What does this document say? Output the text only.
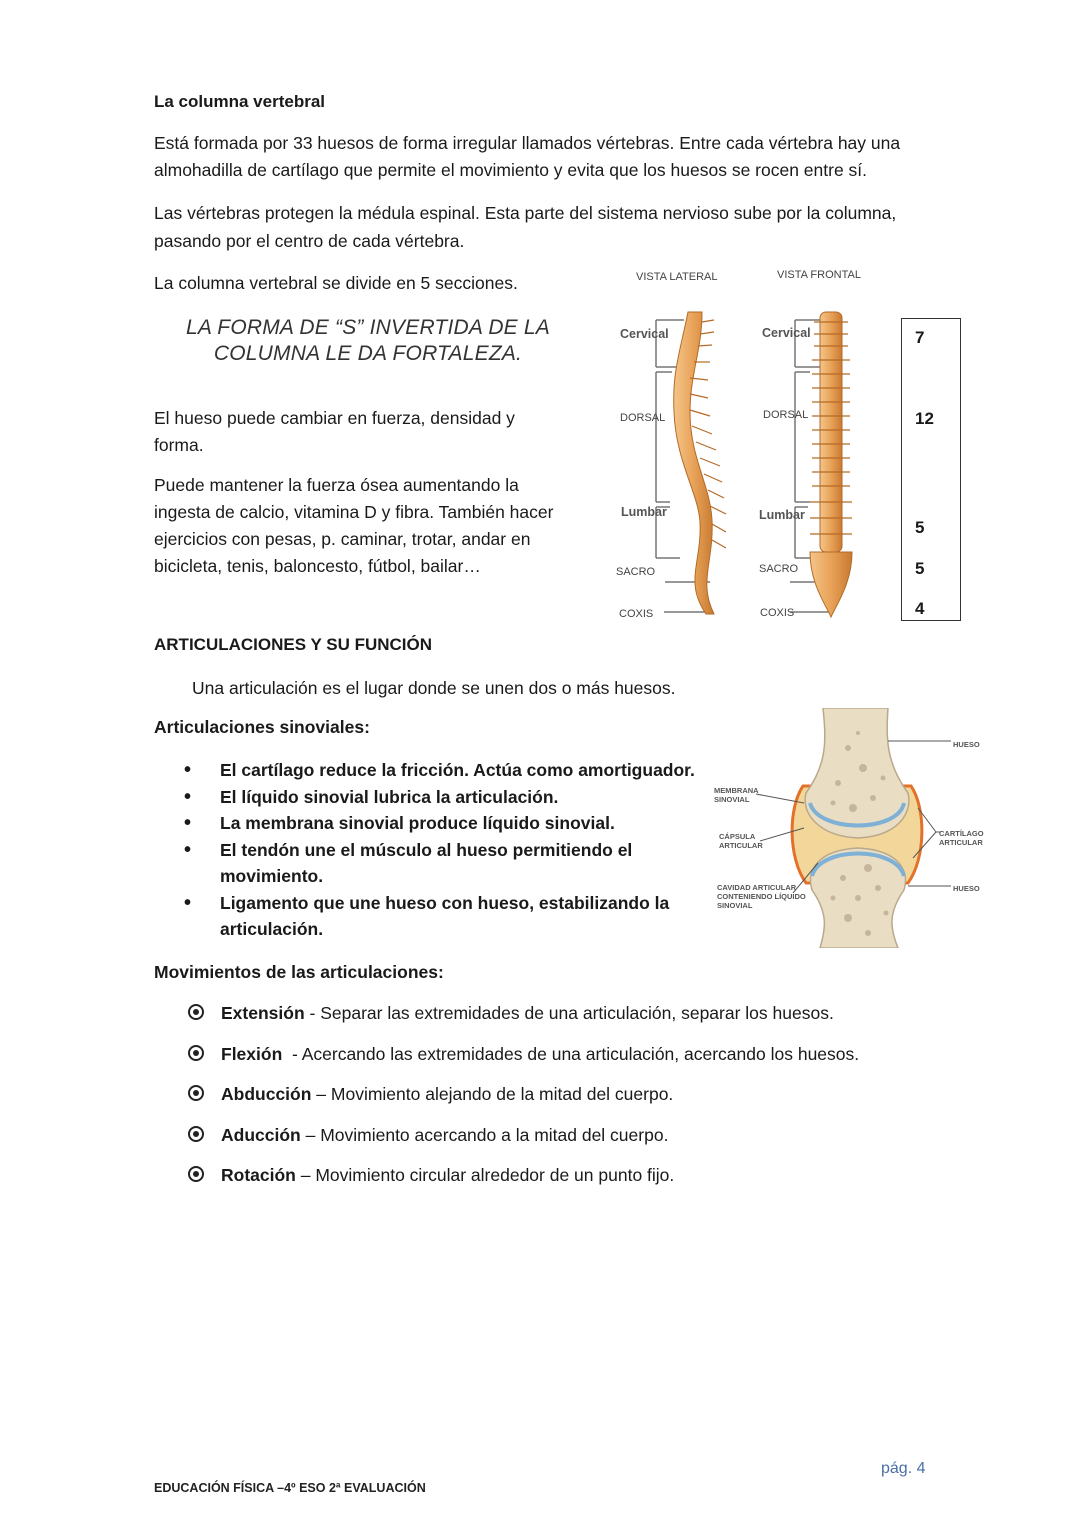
La columna vertebral
Está formada por 33 huesos de forma irregular llamados vértebras. Entre cada vértebra hay una
almohadilla de cartílago que permite el movimiento y evita que los huesos se rocen entre sí.
Las vértebras protegen la médula espinal. Esta parte del sistema nervioso sube por la columna,
pasando por el centro de cada vértebra.
La columna vertebral se divide en 5 secciones.
LA FORMA DE “S” INVERTIDA DE LA
COLUMNA LE DA FORTALEZA.
El hueso puede cambiar en fuerza, densidad y
forma.
Puede mantener la fuerza ósea aumentando la
ingesta de calcio, vitamina D y fibra. También hacer
ejercicios con pesas, p. caminar, trotar, andar en
bicicleta, tenis, baloncesto, fútbol, bailar…
VISTA LATERAL	VISTA FRONTAL
Cervical
DORSAL
Lumbar
SACRO
COXIS
Cervical
DORSAL
Lumbar
SACRO
COXIS
7
12
5
5
4
ARTICULACIONES Y SU FUNCIÓN
Una articulación es el lugar donde se unen dos o más huesos.
Articulaciones sinoviales:
• El cartílago reduce la fricción. Actúa como amortiguador.
• El líquido sinovial lubrica la articulación.
• La membrana sinovial produce líquido sinovial.
• El tendón une el músculo al hueso permitiendo el
movimiento.
• Ligamento que une hueso con hueso, estabilizando la
articulación.
HUESO
MEMBRANA
SINOVIAL
CÁPSULA
ARTICULAR
CARTÍLAGO ARTICULAR
CAVIDAD ARTICULAR
CONTENIENDO LÍQUIDO
SINOVIAL
HUESO
Movimientos de las articulaciones:
Extensión - Separar las extremidades de una articulación, separar los huesos.
Flexión  - Acercando las extremidades de una articulación, acercando los huesos.
Abducción – Movimiento alejando de la mitad del cuerpo.
Aducción – Movimiento acercando a la mitad del cuerpo.
Rotación – Movimiento circular alrededor de un punto fijo.
pág. 4
EDUCACIÓN FÍSICA –4º ESO 2ª EVALUACIÓN
